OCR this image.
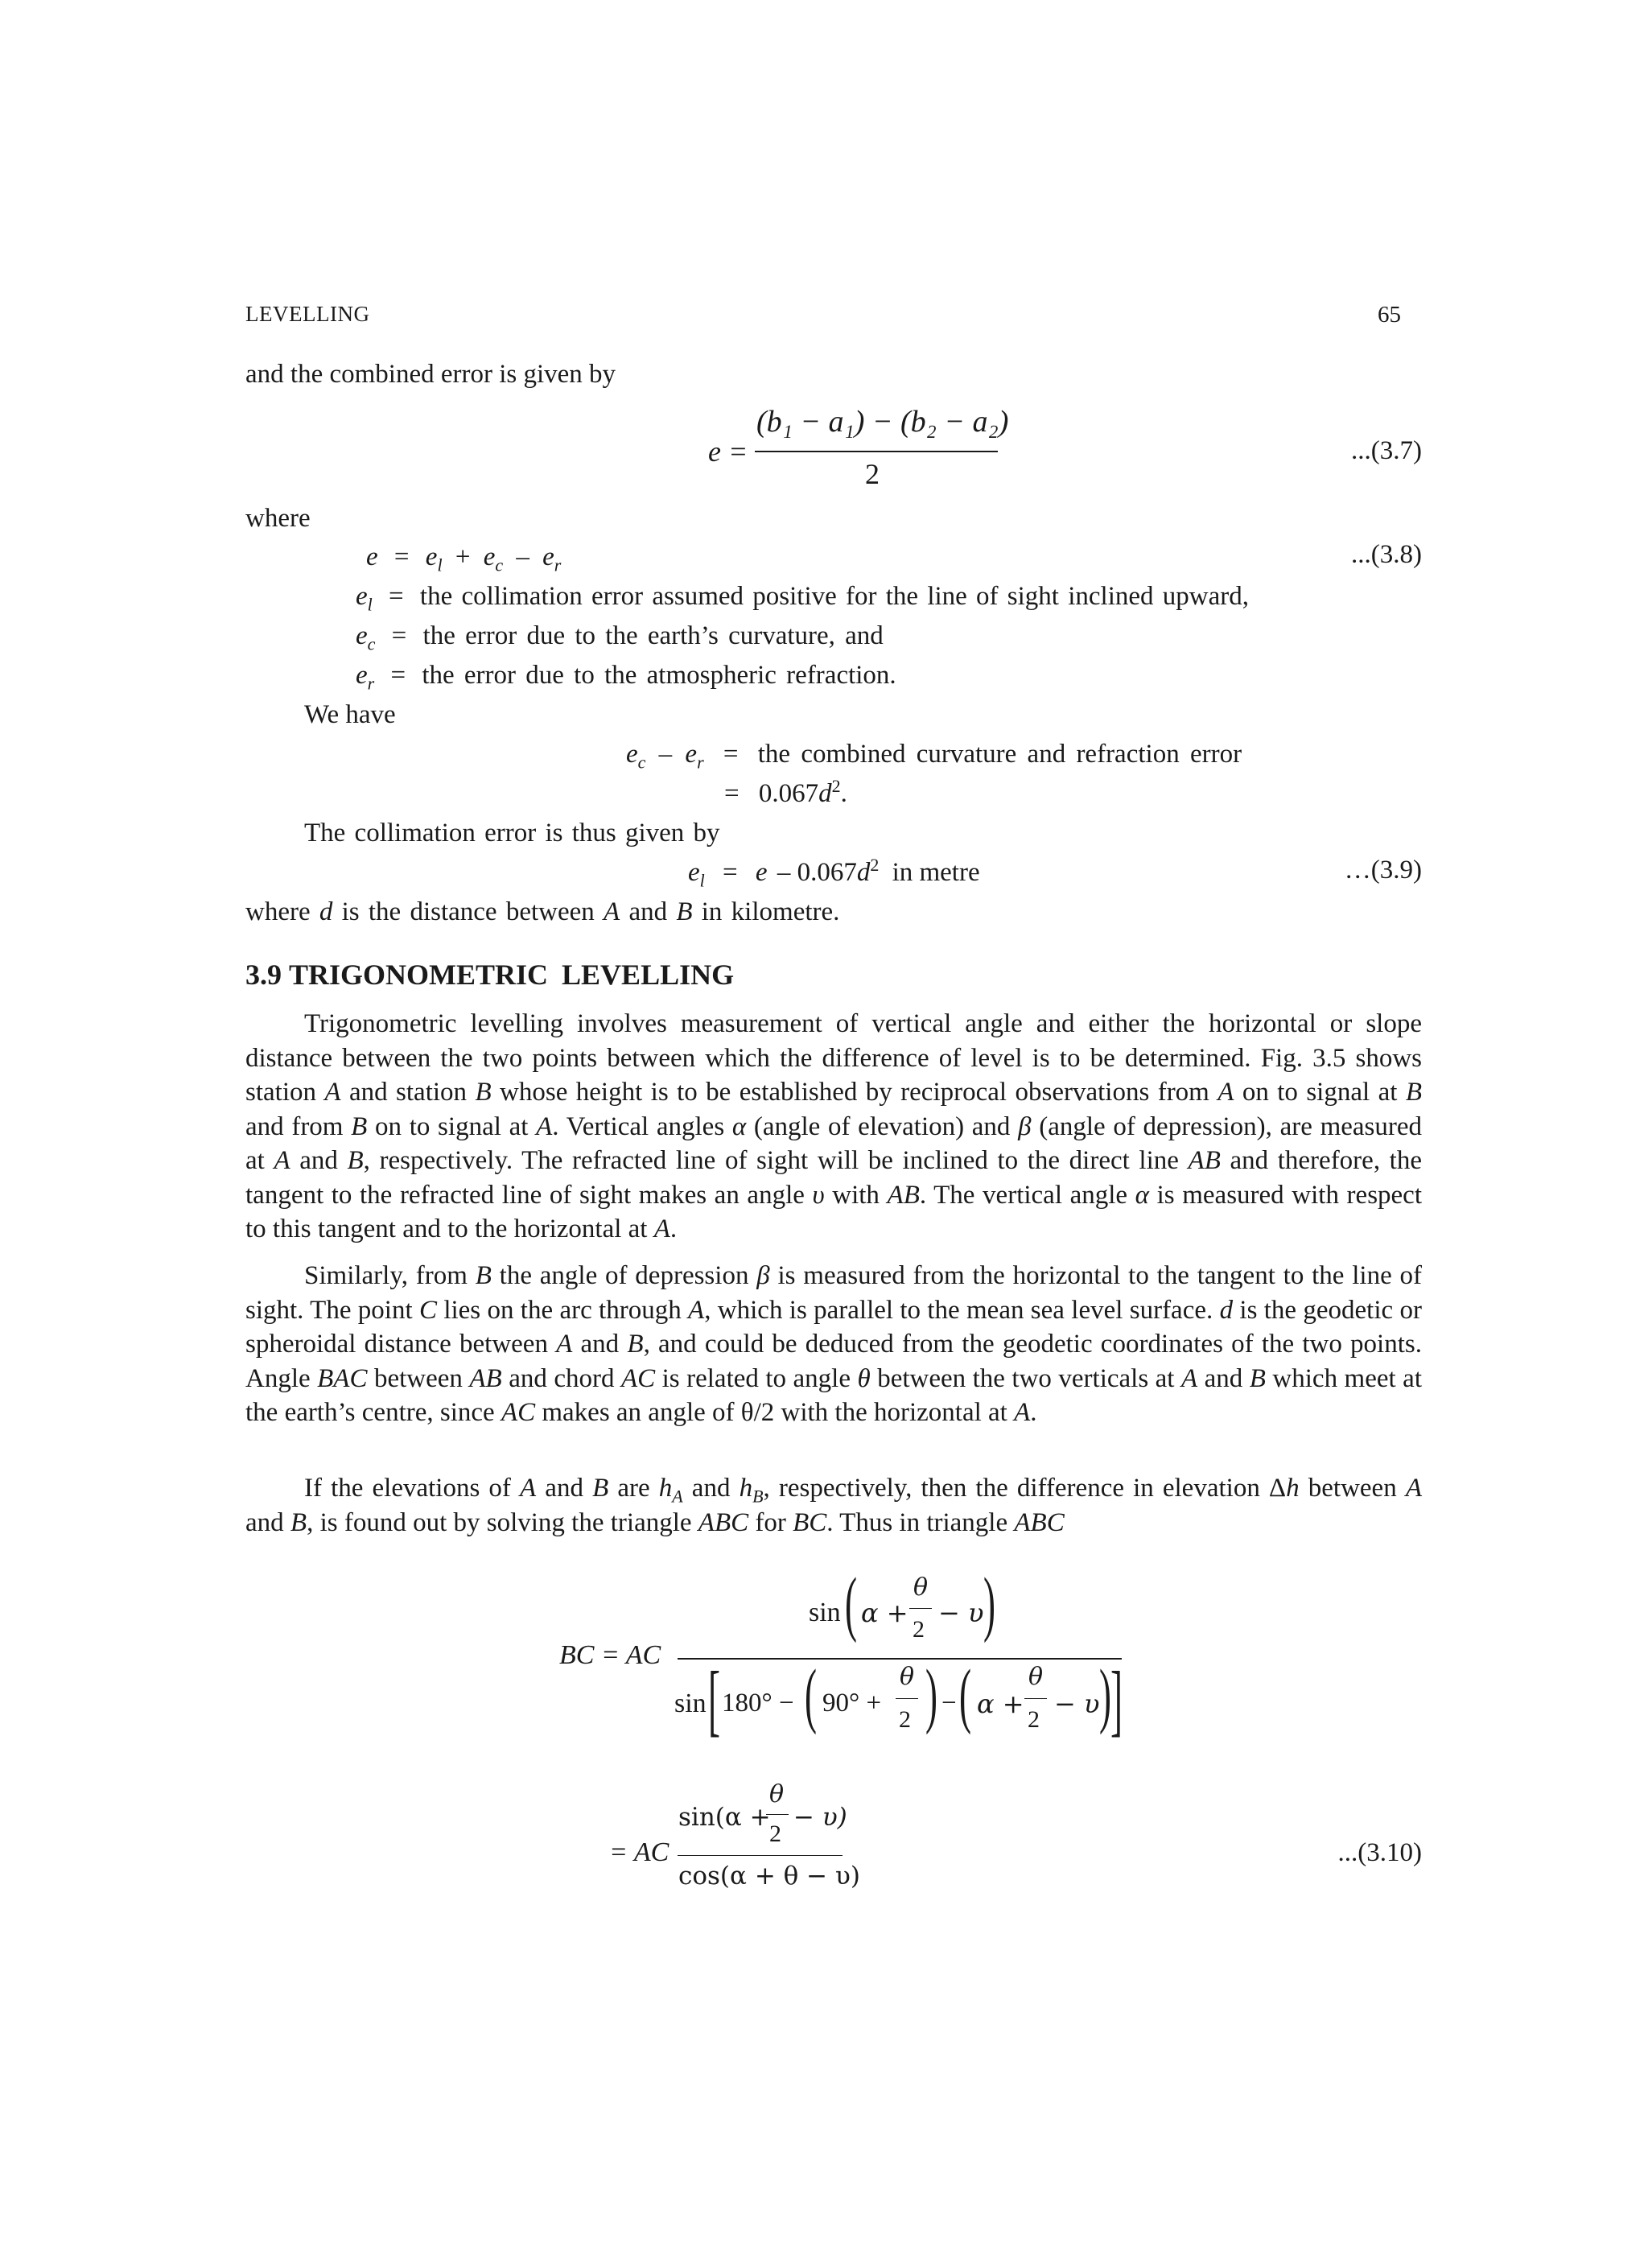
LEVELLING	65
and the combined error is given by
e =
(b₁ − a₁) − (b₂ − a₂)
2
...(3.7)
where
$e = e_l + e_c - e_r$	...(3.8)
$e_l$ = the collimation error assumed positive for the line of sight inclined upward,
$e_c$ = the error due to the earth’s curvature, and
$e_r$ = the error due to the atmospheric refraction.
We have
$e_c - e_r$ = the combined curvature and refraction error
= $0.067d^2$.
The collimation error is thus given by
$e_l = e - 0.067d^2$ in metre	…(3.9)
where d is the distance between A and B in kilometre.
3.9 TRIGONOMETRIC LEVELLING
Trigonometric levelling involves measurement of vertical angle and either the horizontal or slope distance between the two points between which the difference of level is to be determined. Fig. 3.5 shows station A and station B whose height is to be established by reciprocal observations from A on to signal at B and from B on to signal at A. Vertical angles α (angle of elevation) and β (angle of depression), are measured at A and B, respectively. The refracted line of sight will be inclined to the direct line AB and therefore, the tangent to the refracted line of sight makes an angle υ with AB. The vertical angle α is measured with respect to this tangent and to the horizontal at A.
Similarly, from B the angle of depression β is measured from the horizontal to the tangent to the line of sight. The point C lies on the arc through A, which is parallel to the mean sea level surface. d is the geodetic or spheroidal distance between A and B, and could be deduced from the geodetic coordinates of the two points. Angle BAC between AB and chord AC is related to angle θ between the two verticals at A and B which meet at the earth’s centre, since AC makes an angle of θ/2 with the horizontal at A.
If the elevations of A and B are $h_A$ and $h_B$, respectively, then the difference in elevation Δh between A and B, is found out by solving the triangle ABC for BC. Thus in triangle ABC
BC = AC
sin ( α +
θ
2
− υ )
sin [ 180° − ( 90° +
θ
2 ) − ( α +
θ
2
− υ ) ]
= AC
sin(α +
θ
2
− υ)
cos(α + θ − υ)
...(3.10)
